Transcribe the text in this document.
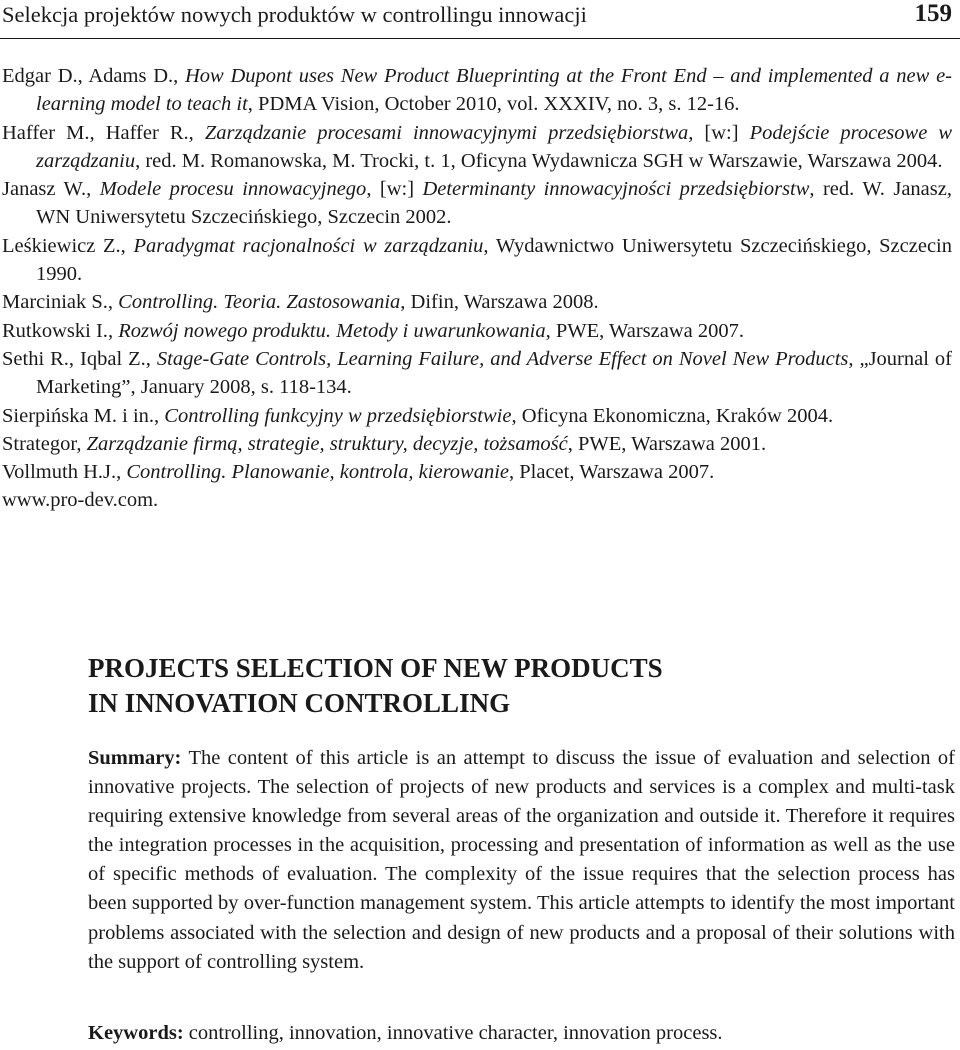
Selekcja projektów nowych produktów w controllingu innowacji	159
Edgar D., Adams D., How Dupont uses New Product Blueprinting at the Front End – and implemented a new e-learning model to teach it, PDMA Vision, October 2010, vol. XXXIV, no. 3, s. 12-16.
Haffer M., Haffer R., Zarządzanie procesami innowacyjnymi przedsiębiorstwa, [w:] Podejście procesowe w zarządzaniu, red. M. Romanowska, M. Trocki, t. 1, Oficyna Wydawnicza SGH w Warszawie, Warszawa 2004.
Janasz W., Modele procesu innowacyjnego, [w:] Determinanty innowacyjności przedsiębiorstw, red. W. Janasz, WN Uniwersytetu Szczecińskiego, Szczecin 2002.
Leśkiewicz Z., Paradygmat racjonalności w zarządzaniu, Wydawnictwo Uniwersytetu Szczecińskiego, Szczecin 1990.
Marciniak S., Controlling. Teoria. Zastosowania, Difin, Warszawa 2008.
Rutkowski I., Rozwój nowego produktu. Metody i uwarunkowania, PWE, Warszawa 2007.
Sethi R., Iqbal Z., Stage-Gate Controls, Learning Failure, and Adverse Effect on Novel New Products, „Journal of Marketing”, January 2008, s. 118-134.
Sierpińska M. i in., Controlling funkcyjny w przedsiębiorstwie, Oficyna Ekonomiczna, Kraków 2004.
Strategor, Zarządzanie firmą, strategie, struktury, decyzje, tożsamość, PWE, Warszawa 2001.
Vollmuth H.J., Controlling. Planowanie, kontrola, kierowanie, Placet, Warszawa 2007.
www.pro-dev.com.
PROJECTS SELECTION OF NEW PRODUCTS
IN INNOVATION CONTROLLING
Summary: The content of this article is an attempt to discuss the issue of evaluation and selection of innovative projects. The selection of projects of new products and services is a complex and multi-task requiring extensive knowledge from several areas of the organization and outside it. Therefore it requires the integration processes in the acquisition, processing and presentation of information as well as the use of specific methods of evaluation. The complexity of the issue requires that the selection process has been supported by over-function management system. This article attempts to identify the most important problems associated with the selection and design of new products and a proposal of their solutions with the support of controlling system.
Keywords: controlling, innovation, innovative character, innovation process.
